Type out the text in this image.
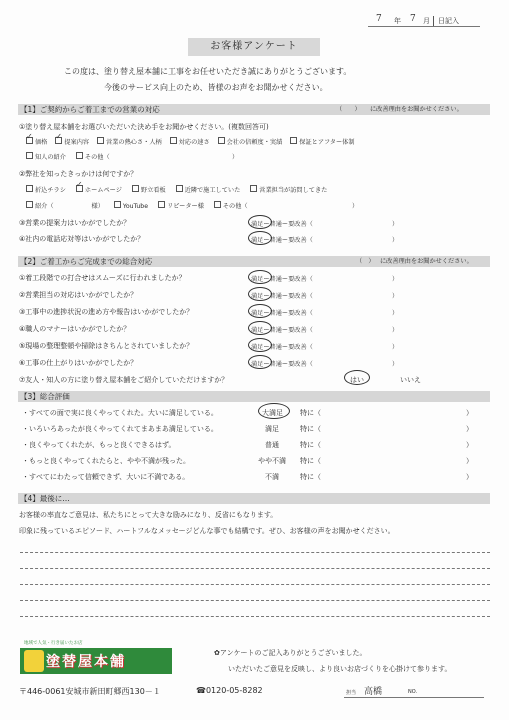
7 年 7 月	日記入
お客様アンケート
この度は、塗り替え屋本舗に工事をお任せいただき誠にありがとうございます。
今後のサービス向上のため、皆様のお声をお聞かせください。
【1】ご契約からご着工までの営業の対応	（　　） に改善理由をお聞かせください。
①塗り替え屋本舗をお選びいただいた決め手をお聞かせください。(複数回答可)
✓価格 ✓	提案内容	営業の熱心さ・人柄	対応の速さ	会社の信頼度・実績	保証とアフター体制
知人の紹介	その他（	）
②弊社を知ったきっかけは何ですか？
折込チラシ ✓	ホームページ	野立看板	近隣で施工していた	営業担当が訪問してきた
紹介（	様）	YouTube	リピーター様	その他（	）
③営業の提案力はいかがでしたか？	満足ー普通ー要改善（	）
④社内の電話応対等はいかがでしたか？	満足ー普通ー要改善（	）
【2】ご着工からご完成までの総合対応	（　） に改善理由をお聞かせください。
①着工段階での打合せはスムーズに行われましたか？	満足ー普通ー要改善（	）
②営業担当の対応はいかがでしたか？	満足ー普通ー要改善（	）
③工事中の進捗状況の進め方や報告はいかがでしたか？	満足ー普通ー要改善（	）
④職人のマナーはいかがでしたか？	満足ー普通ー要改善（	）
⑤現場の整理整頓や掃除はきちんとされていましたか？	満足ー普通ー要改善（	）
⑥工事の仕上がりはいかがでしたか？	満足ー普通ー要改善（	）
⑦友人・知人の方に塗り替え屋本舗をご紹介していただけますか？	はい	いいえ
【3】総合評価
・すべての面で実に良くやってくれた。大いに満足している。	大満足 特に（	）
・いろいろあったが良くやってくれてまあまあ満足している。	満足	特に（	）
・良くやってくれたが、もっと良くできるはず。	普通	特に（	）
・もっと良くやってくれたらと、やや不満が残った。	やや不満 特に（	）
・すべてにわたって信頼できず、大いに不満である。	不満	特に（	）
【4】最後に…
お客様の率直なご意見は、私たちにとって大きな励みになり、反省にもなります。
印象に残っているエピソード、ハートフルなメッセージどんな事でも結構です。ぜひ、お客様の声をお聞かせください。
地域で人気・行き届いたお店
塗替屋本舗
✿アンケートのご記入ありがとうございました。
いただいたご意見を反映し、より良いお店づくりを心掛けて参ります。
〒446-0061安城市新田町郷西130－１	☎0120-05-8282	担当 高橋	NO.
